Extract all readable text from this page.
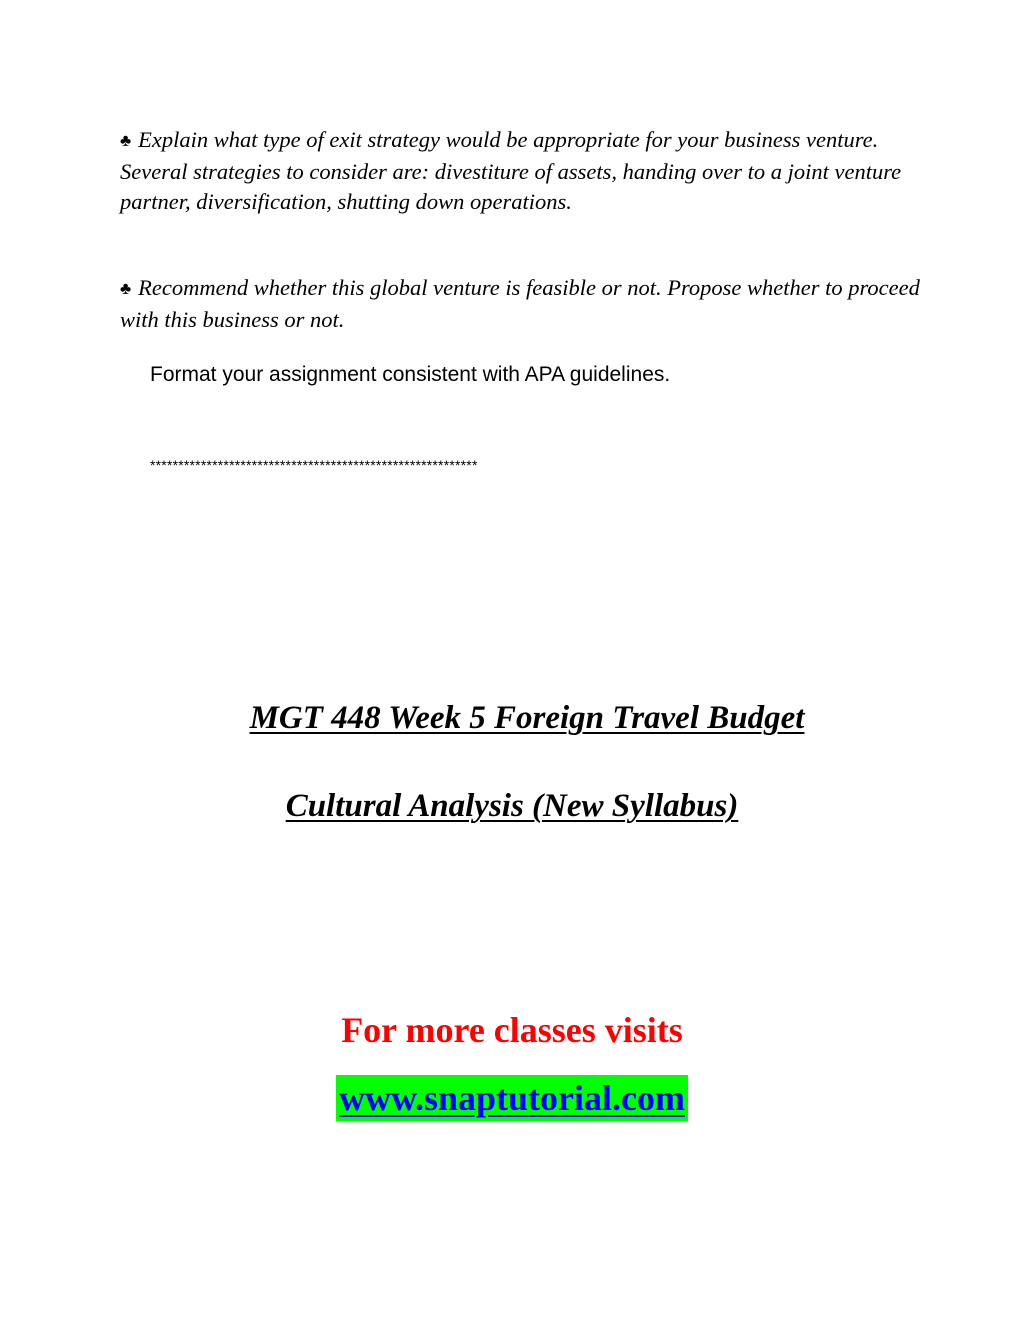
♣ Explain what type of exit strategy would be appropriate for your business venture. Several strategies to consider are: divestiture of assets, handing over to a joint venture partner, diversification, shutting down operations.

♣ Recommend whether this global venture is feasible or not. Propose whether to proceed with this business or not.

Format your assignment consistent with APA guidelines.

**********************************************************

MGT 448 Week 5 Foreign Travel Budget
Cultural Analysis (New Syllabus)

For more classes visits

www.snaptutorial.com
